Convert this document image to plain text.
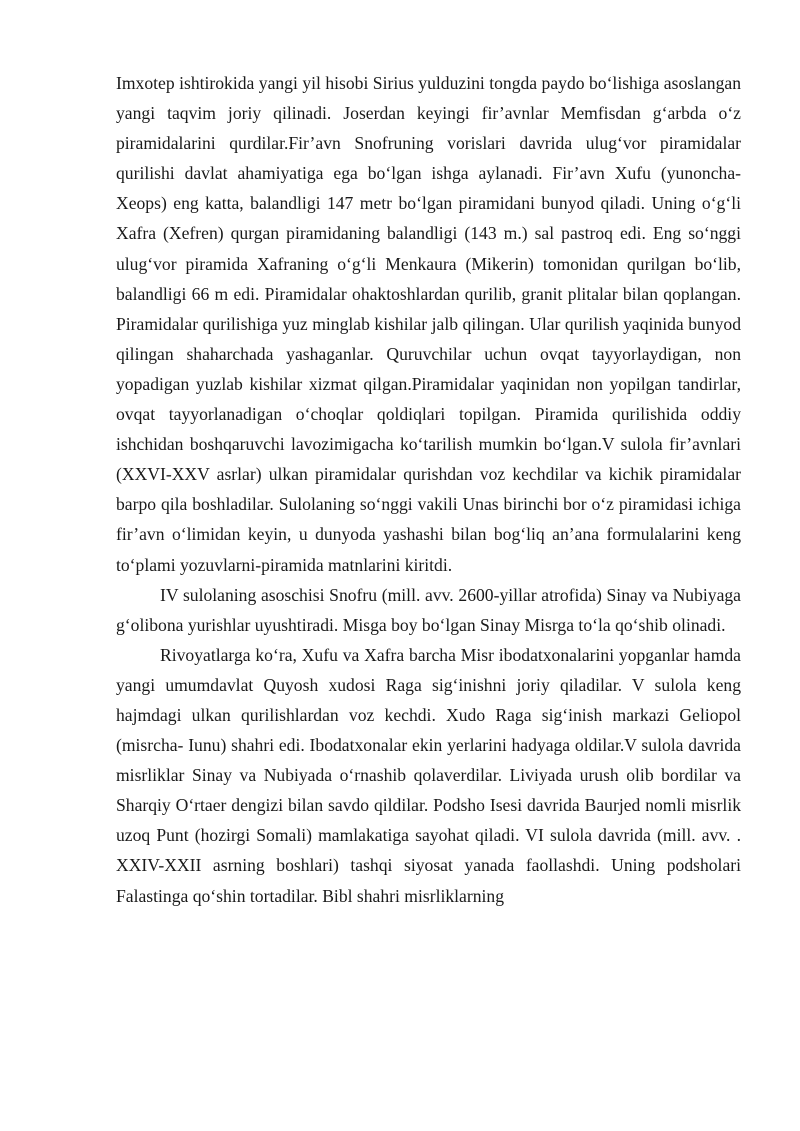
Imxotep ishtirokida yangi yil hisobi Sirius yulduzini tongda paydo bo‘lishiga asoslangan yangi taqvim joriy qilinadi. Joserdan keyingi fir’avnlar Memfisdan g‘arbda o‘z piramidalarini qurdilar.Fir’avn Snofruning vorislari davrida ulug‘vor piramidalar qurilishi davlat ahamiyatiga ega bo‘lgan ishga aylanadi. Fir’avn Xufu (yunoncha-Xeops) eng katta, balandligi 147 metr bo‘lgan piramidani bunyod qiladi. Uning o‘g‘li Xafra (Xefren) qurgan piramidaning balandligi (143 m.) sal pastroq edi. Eng so‘nggi ulug‘vor piramida Xafraning o‘g‘li Menkaura (Mikerin) tomonidan qurilgan bo‘lib, balandligi 66 m edi. Piramidalar ohaktoshlardan qurilib, granit plitalar bilan qoplangan. Piramidalar qurilishiga yuz minglab kishilar jalb qilingan. Ular qurilish yaqinida bunyod qilingan shaharchada yashaganlar. Quruvchilar uchun ovqat tayyorlaydigan, non yopadigan yuzlab kishilar xizmat qilgan.Piramidalar yaqinidan non yopilgan tandirlar, ovqat tayyorlanadigan o‘choqlar qoldiqlari topilgan. Piramida qurilishida oddiy ishchidan boshqaruvchi lavozimigacha ko‘tarilish mumkin bo‘lgan.V sulola fir’avnlari (XXVI-XXV asrlar) ulkan piramidalar qurishdan voz kechdilar va kichik piramidalar barpo qila boshladilar. Sulolaning so‘nggi vakili Unas birinchi bor o‘z piramidasi ichiga fir’avn o‘limidan keyin, u dunyoda yashashi bilan bog‘liq an’ana formulalarini keng to‘plami yozuvlarni-piramida matnlarini kiritdi.

IV sulolaning asoschisi Snofru (mill. avv. 2600-yillar atrofida) Sinay va Nubiyaga g‘olibona yurishlar uyushtiradi. Misga boy bo‘lgan Sinay Misrga to‘la qo‘shib olinadi.

Rivoyatlarga ko‘ra, Xufu va Xafra barcha Misr ibodatxonalarini yopganlar hamda yangi umumdavlat Quyosh xudosi Raga sig‘inishni joriy qiladilar. V sulola keng hajmdagi ulkan qurilishlardan voz kechdi. Xudo Raga sig‘inish markazi Geliopol (misrcha- Iunu) shahri edi. Ibodatxonalar ekin yerlarini hadyaga oldilar.V sulola davrida misrliklar Sinay va Nubiyada o‘rnashib qolaverdilar. Liviyada urush olib bordilar va Sharqiy O‘rtaer dengizi bilan savdo qildilar. Podsho Isesi davrida Baurjed nomli misrlik uzoq Punt (hozirgi Somali) mamlakatiga sayohat qiladi. VI sulola davrida (mill. avv. . XXIV-XXII asrning boshlari) tashqi siyosat yanada faollashdi. Uning podsholari Falastinga qo‘shin tortadilar. Bibl shahri misrliklarning
